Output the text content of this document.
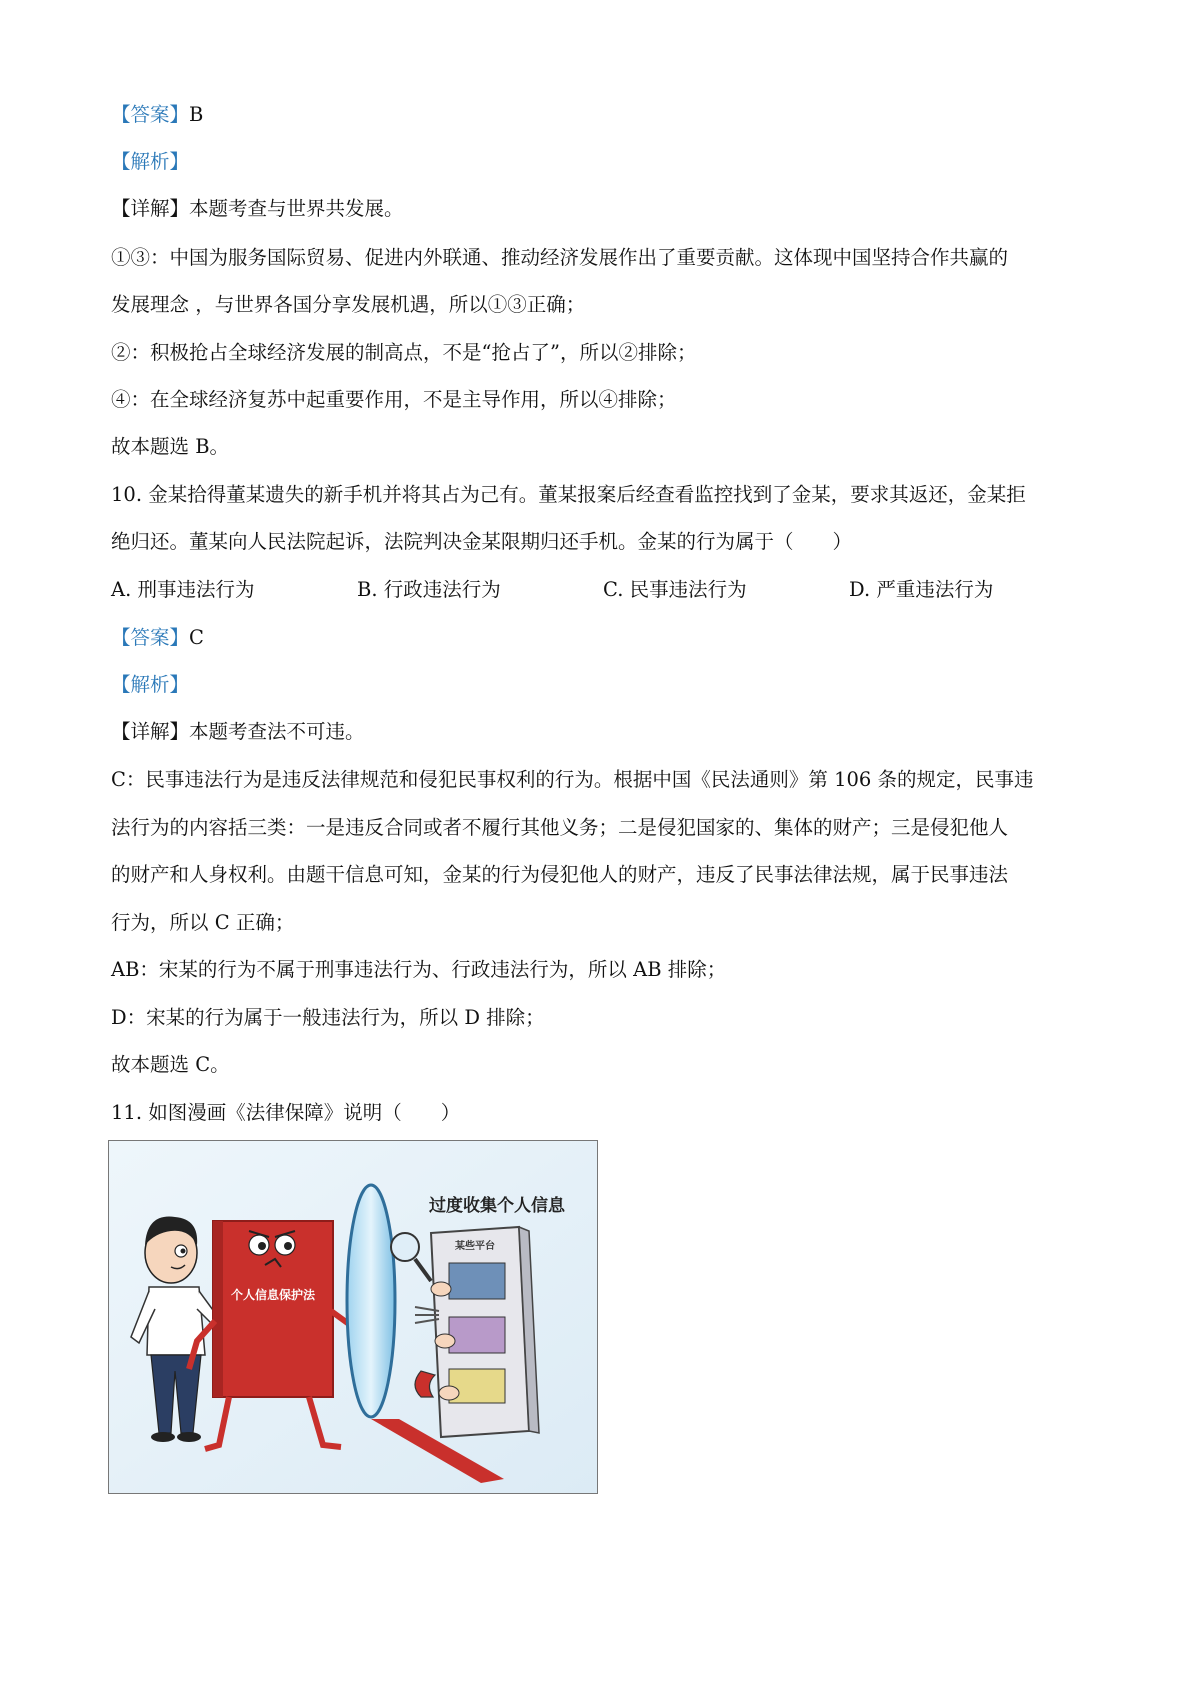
【答案】B
【解析】
【详解】本题考查与世界共发展。
①③：中国为服务国际贸易、促进内外联通、推动经济发展作出了重要贡献。这体现中国坚持合作共赢的
发展理念 ，与世界各国分享发展机遇，所以①③正确；
②：积极抢占全球经济发展的制高点，不是“抢占了”，所以②排除；
④：在全球经济复苏中起重要作用，不是主导作用，所以④排除；
故本题选 B。
10. 金某拾得董某遗失的新手机并将其占为己有。董某报案后经查看监控找到了金某，要求其返还，金某拒
绝归还。董某向人民法院起诉，法院判决金某限期归还手机。金某的行为属于（　　）
A. 刑事违法行为	B. 行政违法行为	C. 民事违法行为	D. 严重违法行为
【答案】C
【解析】
【详解】本题考查法不可违。
C：民事违法行为是违反法律规范和侵犯民事权利的行为。根据中国《民法通则》第 106 条的规定，民事违
法行为的内容括三类：一是违反合同或者不履行其他义务；二是侵犯国家的、集体的财产；三是侵犯他人
的财产和人身权利。由题干信息可知，金某的行为侵犯他人的财产，违反了民事法律法规，属于民事违法
行为，所以 C 正确；
AB：宋某的行为不属于刑事违法行为、行政违法行为，所以 AB 排除；
D：宋某的行为属于一般违法行为，所以 D 排除；
故本题选 C。
11. 如图漫画《法律保障》说明（　　）
个人信息保护法
过度收集个人信息
某些平台
